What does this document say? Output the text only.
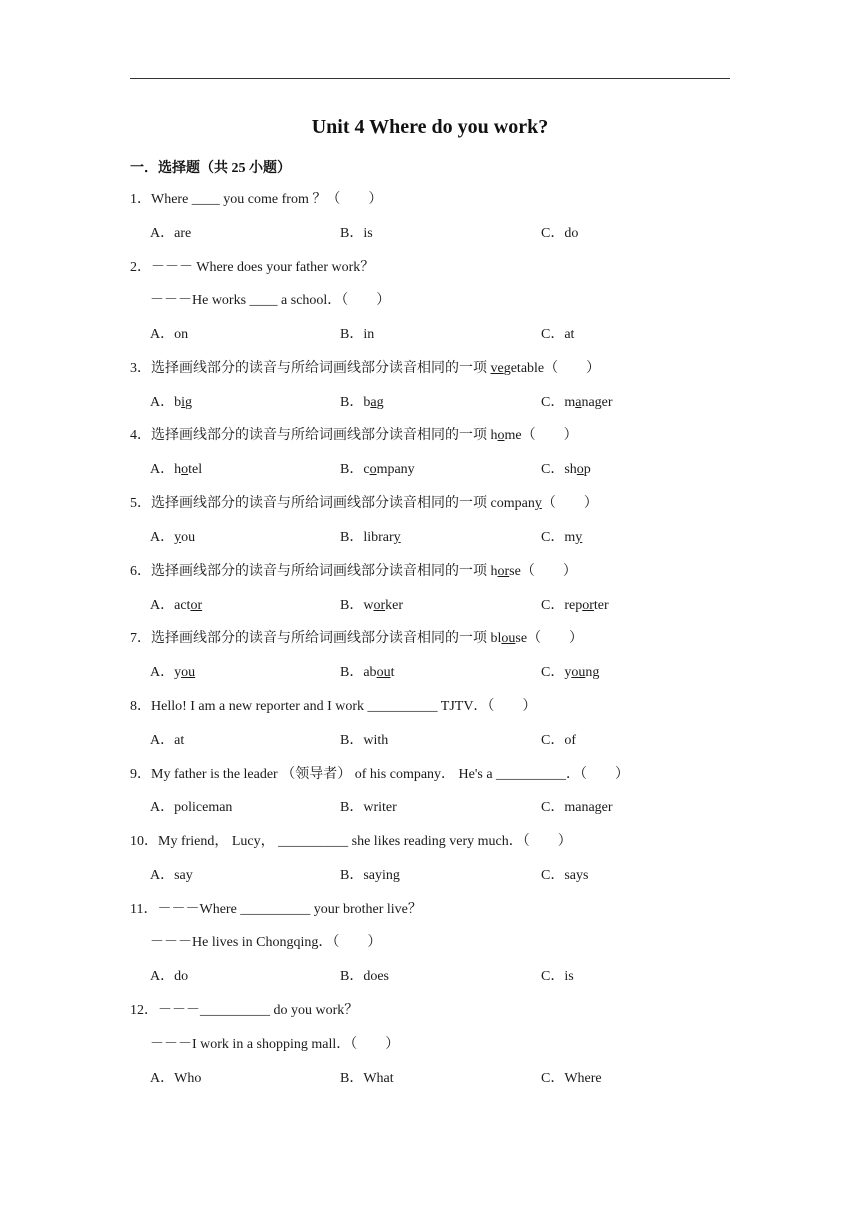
Unit 4 Where do you work?
一．选择题（共 25 小题）
1．Where ____ you come from ？（　　）
A．are	B．is	C．do
2．－－－ Where does your father work？
－－－He works ____ a school．（　　）
A．on	B．in	C．at
3．选择画线部分的读音与所给词画线部分读音相同的一项 vegetable（　　）
A．big	B．bag	C．manager
4．选择画线部分的读音与所给词画线部分读音相同的一项 home（　　）
A．hotel	B．company	C．shop
5．选择画线部分的读音与所给词画线部分读音相同的一项 company（　　）
A．you	B．library	C．my
6．选择画线部分的读音与所给词画线部分读音相同的一项 horse（　　）
A．actor	B．worker	C．reporter
7．选择画线部分的读音与所给词画线部分读音相同的一项 blouse（　　）
A．you	B．about	C．young
8．Hello! I am a new reporter and I work __________ TJTV．（　　）
A．at	B．with	C．of
9．My father is the leader （领导者） of his company． He's a __________．（　　）
A．policeman	B．writer	C．manager
10．My friend， Lucy， __________ she likes reading very much．（　　）
A．say	B．saying	C．says
11．－－－Where __________ your brother live？
－－－He lives in Chongqing．（　　）
A．do	B．does	C．is
12．－－－__________ do you work？
－－－I work in a shopping mall．（　　）
A．Who	B．What	C．Where
